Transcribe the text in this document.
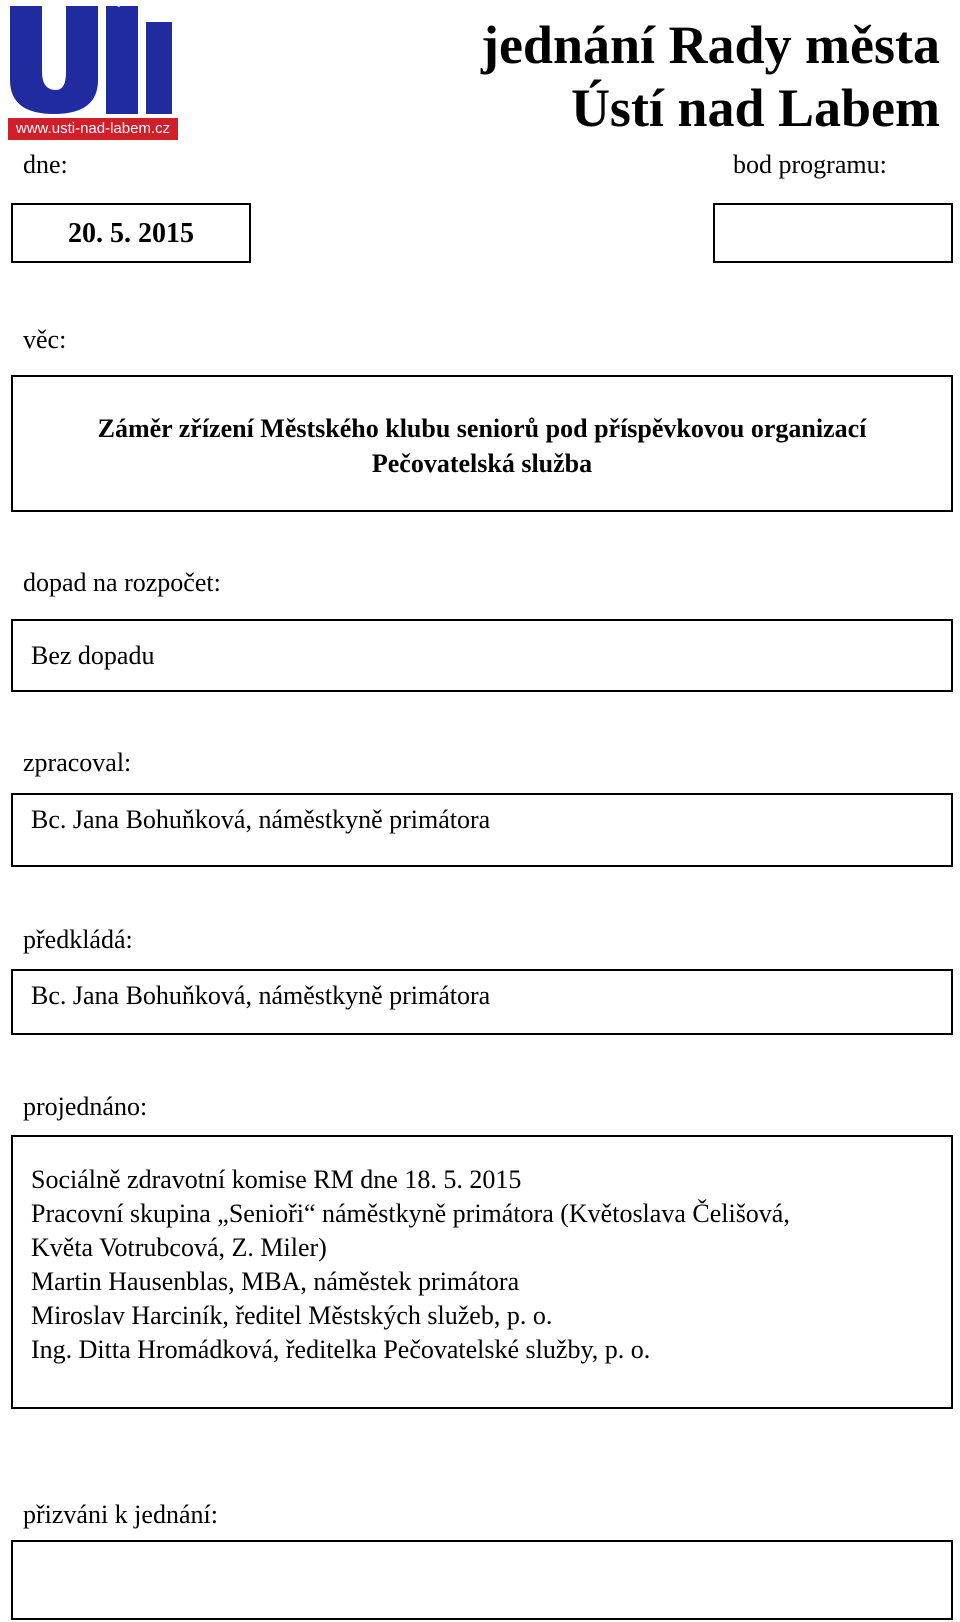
www.usti-nad-labem.cz
jednání Rady města
Ústí nad Labem
dne:
20. 5. 2015
bod programu:
věc:
Záměr zřízení Městského klubu seniorů pod příspěvkovou organizací
Pečovatelská služba
dopad na rozpočet:
Bez dopadu
zpracoval:
Bc. Jana Bohuňková, náměstkyně primátora
předkládá:
Bc. Jana Bohuňková, náměstkyně primátora
projednáno:
Sociálně zdravotní komise RM dne 18. 5. 2015
Pracovní skupina „Senioři“ náměstkyně primátora (Květoslava Čelišová,
Květa Votrubcová, Z. Miler)
Martin Hausenblas, MBA, náměstek primátora
Miroslav Harciník, ředitel Městských služeb, p. o.
Ing. Ditta Hromádková, ředitelka Pečovatelské služby, p. o.
přizváni k jednání:
